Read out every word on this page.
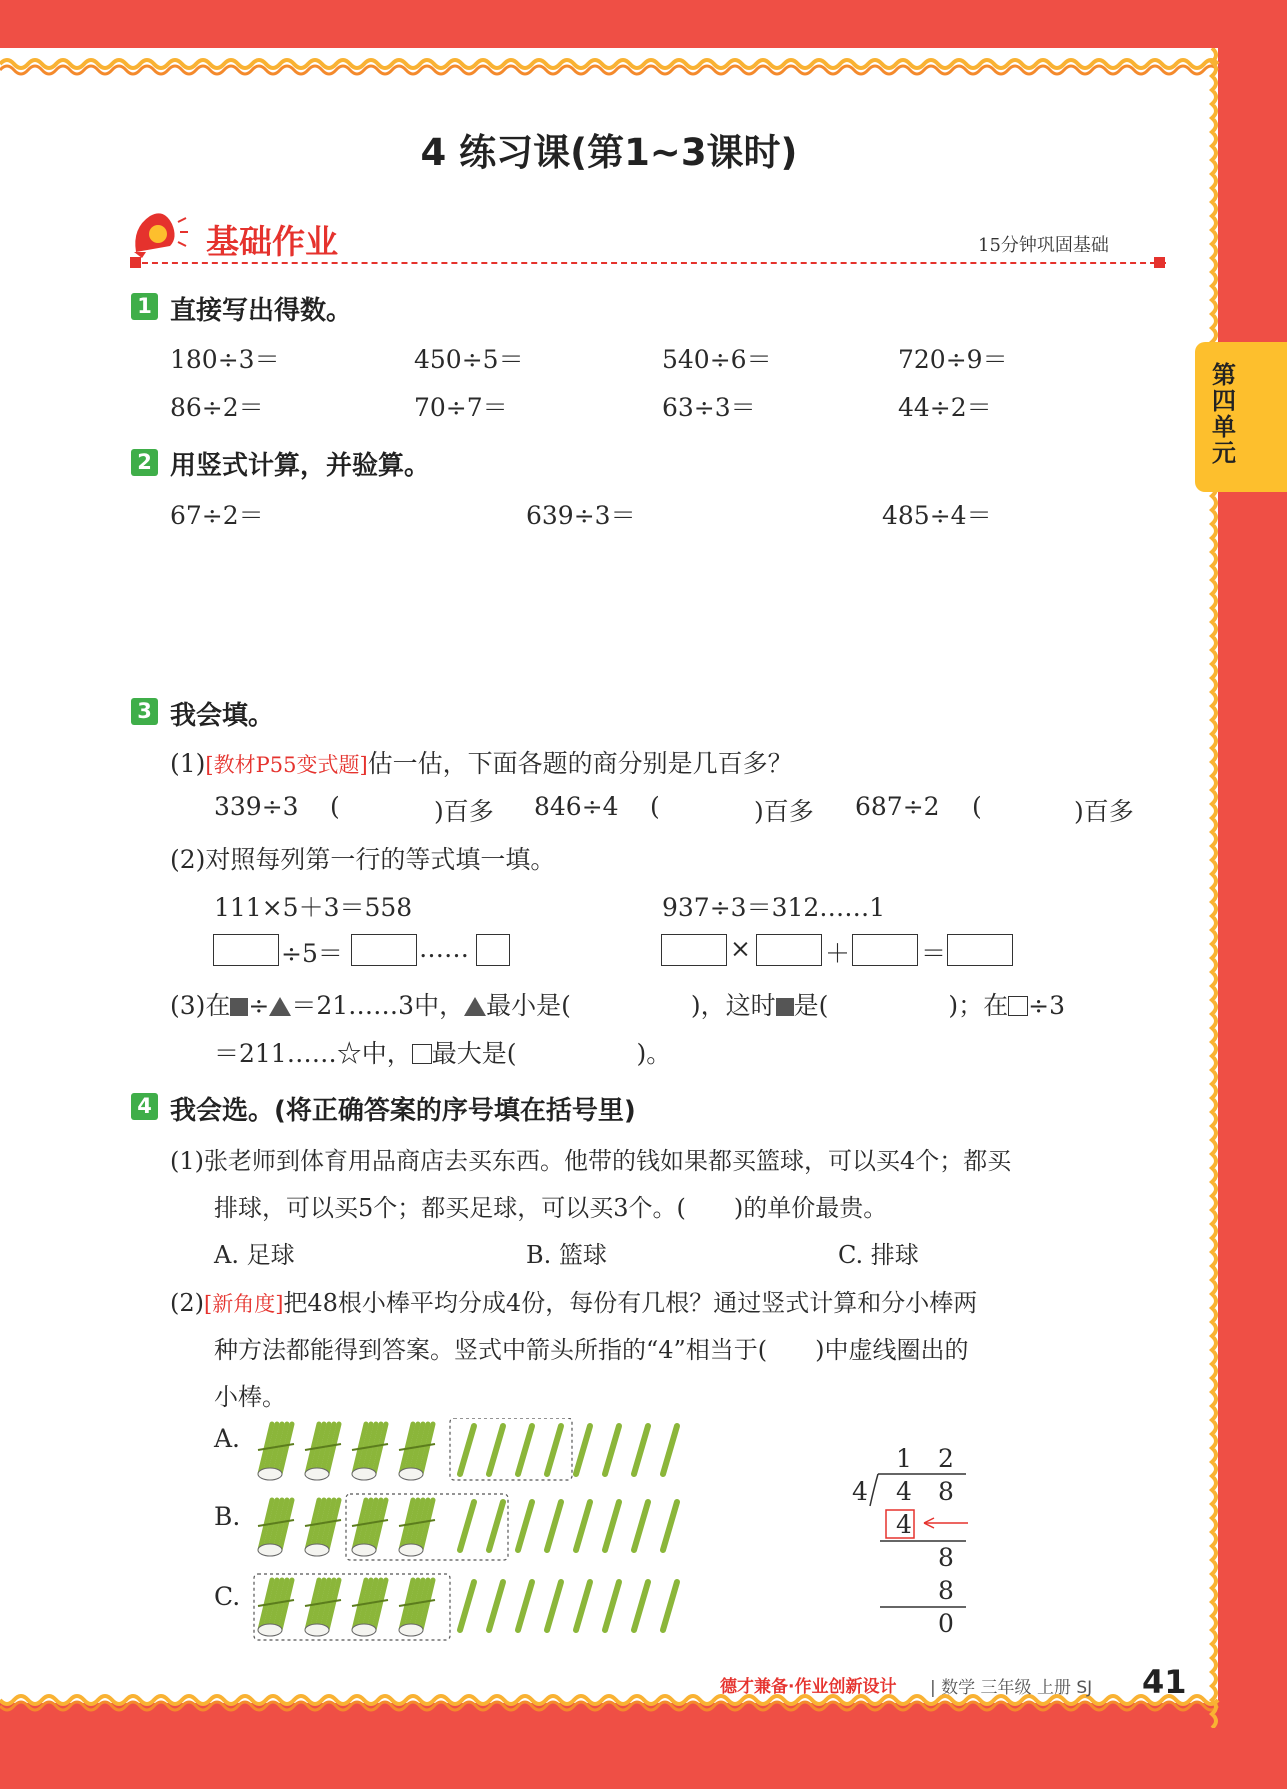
4 练习课(第1~3课时)
基础作业	15分钟巩固基础
第四单元
1 直接写出得数。
180÷3＝	450÷5＝	540÷6＝	720÷9＝
86÷2＝	70÷7＝	63÷3＝	44÷2＝
2 用竖式计算，并验算。
67÷2＝	639÷3＝	485÷4＝
3 我会填。
(1)[教材P55变式题]估一估，下面各题的商分别是几百多？
339÷3 (	)百多 846÷4 (	)百多 687÷2 (	)百多
(2)对照每列第一行的等式填一填。
111×5＋3＝558	937÷3＝312……1
÷5＝	……	×	＋	＝
(3)在 ÷ ＝21……3中， 最小是(	)，这时 是(	)；在 ÷3
＝211……☆中， 最大是(	)。
4 我会选。(将正确答案的序号填在括号里)
(1)张老师到体育用品商店去买东西。他带的钱如果都买篮球，可以买4个；都买
排球，可以买5个；都买足球，可以买3个。(　　)的单价最贵。
A. 足球	B. 篮球	C. 排球
(2)[新角度]把48根小棒平均分成4份，每份有几根？通过竖式计算和分小棒两
种方法都能得到答案。竖式中箭头所指的“4”相当于(　　)中虚线圈出的
小棒。
A.
B.
C.
1 2
4 4 8
4
8
8
0
德才兼备·作业创新设计 | 数学 三年级 上册 SJ 41
